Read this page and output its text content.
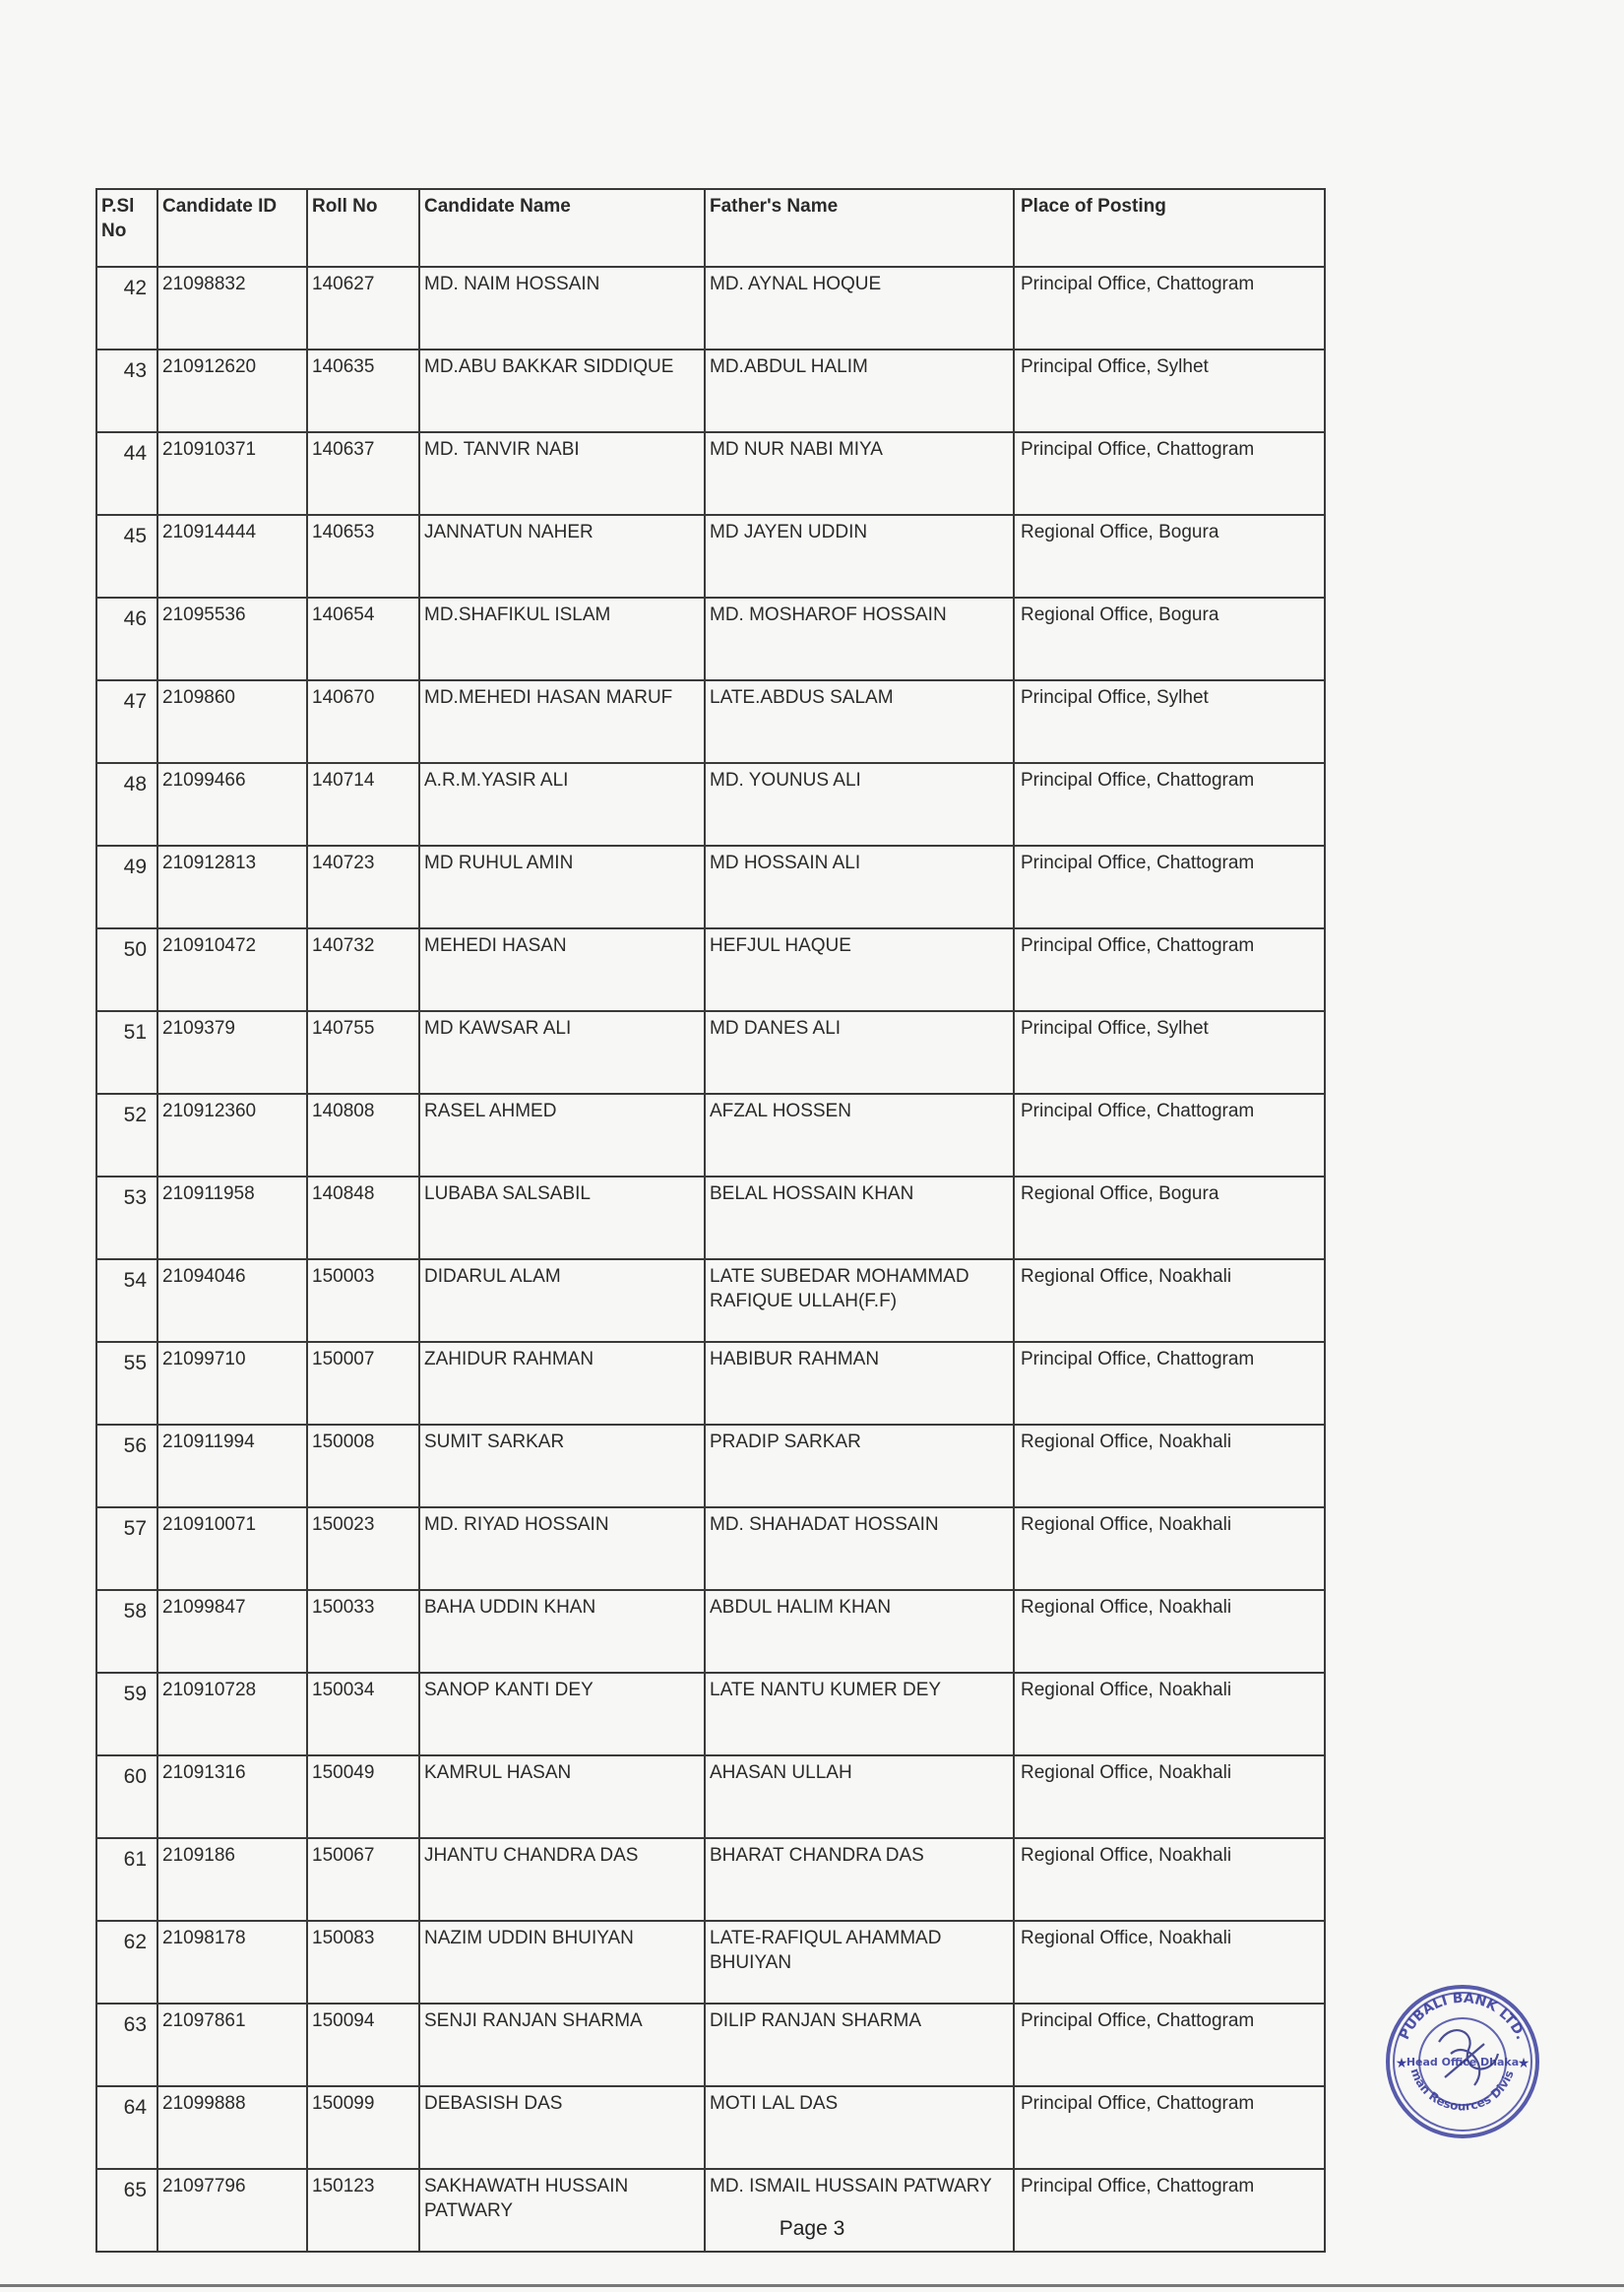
P.Sl No	Candidate ID	Roll No	Candidate Name	Father's Name	Place of Posting
42	21098832	140627	MD. NAIM HOSSAIN	MD. AYNAL HOQUE	Principal Office, Chattogram
43	210912620	140635	MD.ABU BAKKAR SIDDIQUE	MD.ABDUL HALIM	Principal Office, Sylhet
44	210910371	140637	MD. TANVIR NABI	MD NUR NABI MIYA	Principal Office, Chattogram
45	210914444	140653	JANNATUN NAHER	MD JAYEN UDDIN	Regional Office, Bogura
46	21095536	140654	MD.SHAFIKUL ISLAM	MD. MOSHAROF HOSSAIN	Regional Office, Bogura
47	2109860	140670	MD.MEHEDI HASAN MARUF	LATE.ABDUS SALAM	Principal Office, Sylhet
48	21099466	140714	A.R.M.YASIR ALI	MD. YOUNUS ALI	Principal Office, Chattogram
49	210912813	140723	MD RUHUL AMIN	MD HOSSAIN ALI	Principal Office, Chattogram
50	210910472	140732	MEHEDI HASAN	HEFJUL HAQUE	Principal Office, Chattogram
51	2109379	140755	MD KAWSAR ALI	MD DANES ALI	Principal Office, Sylhet
52	210912360	140808	RASEL AHMED	AFZAL HOSSEN	Principal Office, Chattogram
53	210911958	140848	LUBABA SALSABIL	BELAL HOSSAIN KHAN	Regional Office, Bogura
54	21094046	150003	DIDARUL ALAM	LATE SUBEDAR MOHAMMAD RAFIQUE ULLAH(F.F)	Regional Office, Noakhali
55	21099710	150007	ZAHIDUR RAHMAN	HABIBUR RAHMAN	Principal Office, Chattogram
56	210911994	150008	SUMIT SARKAR	PRADIP SARKAR	Regional Office, Noakhali
57	210910071	150023	MD. RIYAD HOSSAIN	MD. SHAHADAT HOSSAIN	Regional Office, Noakhali
58	21099847	150033	BAHA UDDIN KHAN	ABDUL HALIM KHAN	Regional Office, Noakhali
59	210910728	150034	SANOP KANTI DEY	LATE NANTU KUMER DEY	Regional Office, Noakhali
60	21091316	150049	KAMRUL HASAN	AHASAN ULLAH	Regional Office, Noakhali
61	2109186	150067	JHANTU CHANDRA DAS	BHARAT CHANDRA DAS	Regional Office, Noakhali
62	21098178	150083	NAZIM UDDIN BHUIYAN	LATE-RAFIQUL AHAMMAD BHUIYAN	Regional Office, Noakhali
63	21097861	150094	SENJI RANJAN SHARMA	DILIP RANJAN SHARMA	Principal Office, Chattogram
64	21099888	150099	DEBASISH DAS	MOTI LAL DAS	Principal Office, Chattogram
65	21097796	150123	SAKHAWATH HUSSAIN PATWARY	MD. ISMAIL HUSSAIN PATWARY	Principal Office, Chattogram
PUBALI BANK LTD.
man Resources Divis
Head Office Dhaka
★	★
Page 3
